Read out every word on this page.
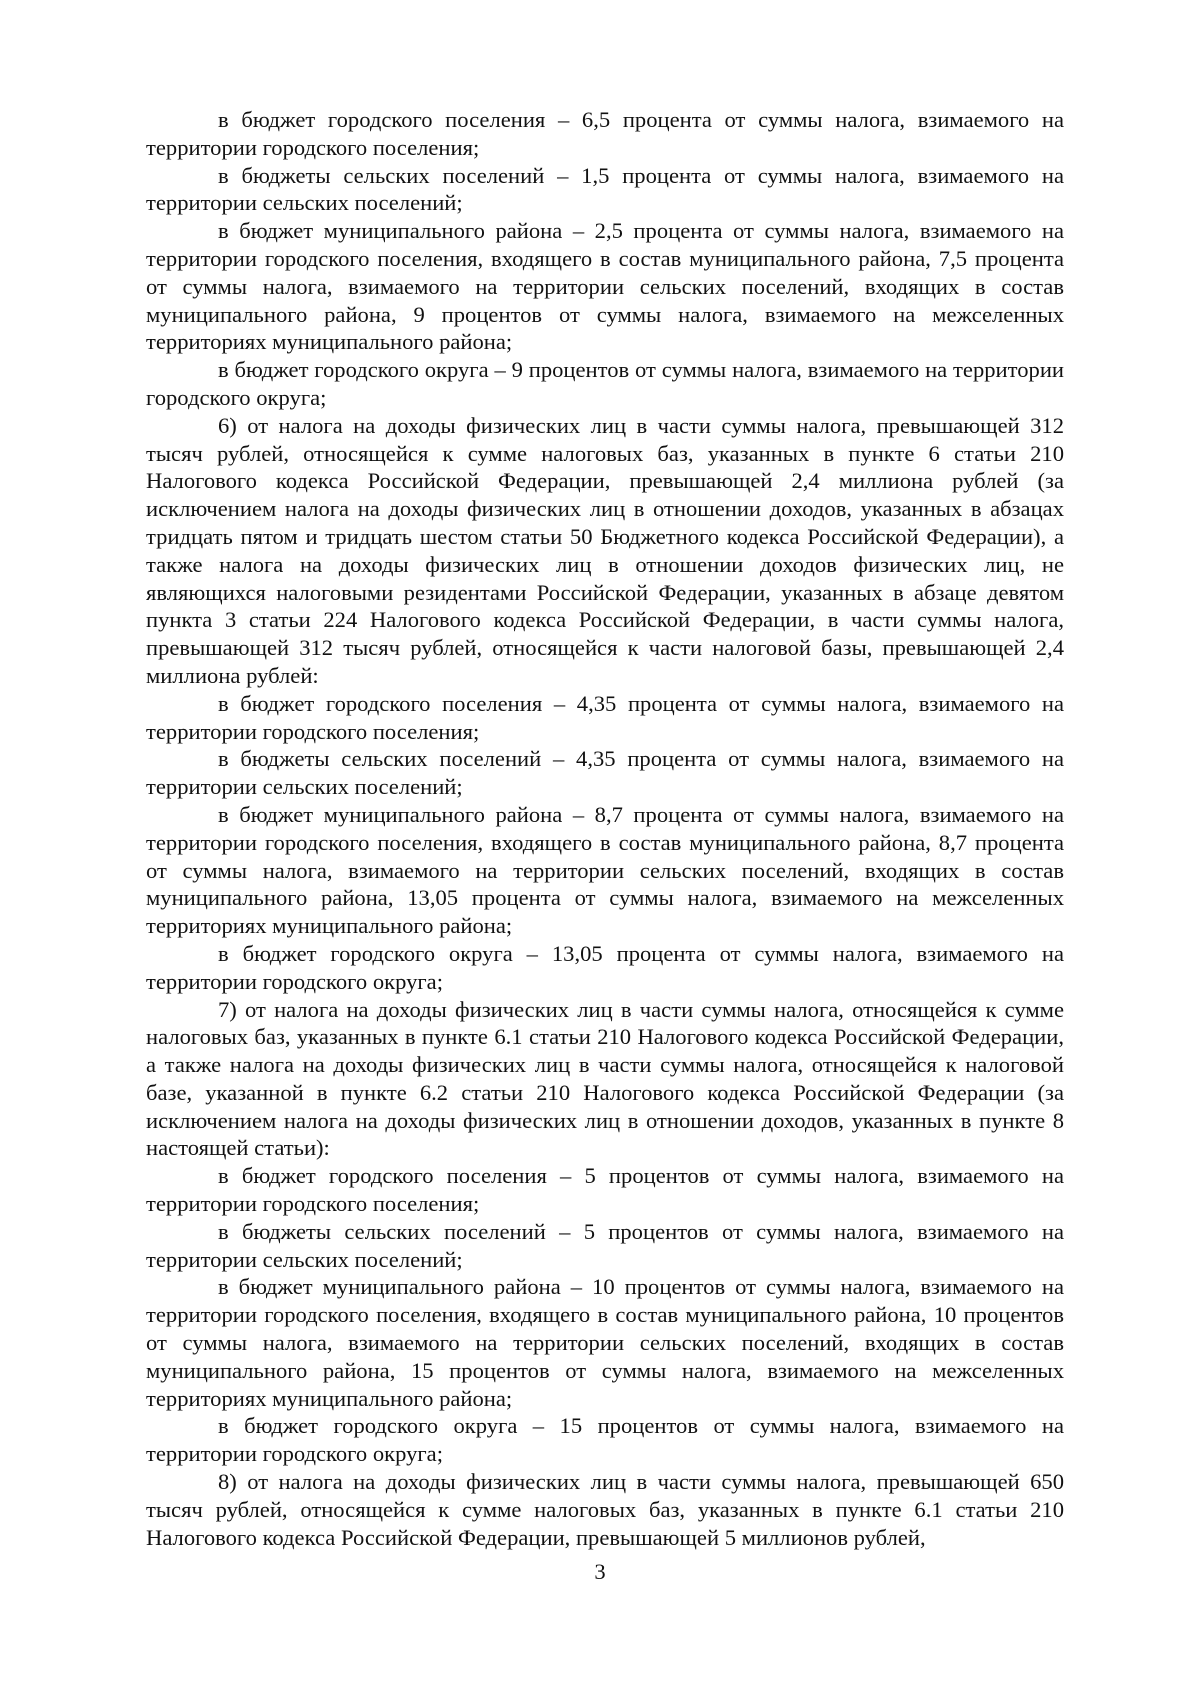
в бюджет городского поселения – 6,5 процента от суммы налога, взимаемого на территории городского поселения;

в бюджеты сельских поселений – 1,5 процента от суммы налога, взимаемого на территории сельских поселений;

в бюджет муниципального района – 2,5 процента от суммы налога, взимаемого на территории городского поселения, входящего в состав муниципального района, 7,5 процента от суммы налога, взимаемого на территории сельских поселений, входящих в состав муниципального района, 9 процентов от суммы налога, взимаемого на межселенных территориях муниципального района;

в бюджет городского округа – 9 процентов от суммы налога, взимаемого на территории городского округа;

6) от налога на доходы физических лиц в части суммы налога, превышающей 312 тысяч рублей, относящейся к сумме налоговых баз, указанных в пункте 6 статьи 210 Налогового кодекса Российской Федерации, превышающей 2,4 миллиона рублей (за исключением налога на доходы физических лиц в отношении доходов, указанных в абзацах тридцать пятом и тридцать шестом статьи 50 Бюджетного кодекса Российской Федерации), а также налога на доходы физических лиц в отношении доходов физических лиц, не являющихся налоговыми резидентами Российской Федерации, указанных в абзаце девятом пункта 3 статьи 224 Налогового кодекса Российской Федерации, в части суммы налога, превышающей 312 тысяч рублей, относящейся к части налоговой базы, превышающей 2,4 миллиона рублей:

в бюджет городского поселения – 4,35 процента от суммы налога, взимаемого на территории городского поселения;

в бюджеты сельских поселений – 4,35 процента от суммы налога, взимаемого на территории сельских поселений;

в бюджет муниципального района – 8,7 процента от суммы налога, взимаемого на территории городского поселения, входящего в состав муниципального района, 8,7 процента от суммы налога, взимаемого на территории сельских поселений, входящих в состав муниципального района, 13,05 процента от суммы налога, взимаемого на межселенных территориях муниципального района;

в бюджет городского округа – 13,05 процента от суммы налога, взимаемого на территории городского округа;

7) от налога на доходы физических лиц в части суммы налога, относящейся к сумме налоговых баз, указанных в пункте 6.1 статьи 210 Налогового кодекса Российской Федерации, а также налога на доходы физических лиц в части суммы налога, относящейся к налоговой базе, указанной в пункте 6.2 статьи 210 Налогового кодекса Российской Федерации (за исключением налога на доходы физических лиц в отношении доходов, указанных в пункте 8 настоящей статьи):

в бюджет городского поселения – 5 процентов от суммы налога, взимаемого на территории городского поселения;

в бюджеты сельских поселений – 5 процентов от суммы налога, взимаемого на территории сельских поселений;

в бюджет муниципального района – 10 процентов от суммы налога, взимаемого на территории городского поселения, входящего в состав муниципального района, 10 процентов от суммы налога, взимаемого на территории сельских поселений, входящих в состав муниципального района, 15 процентов от суммы налога, взимаемого на межселенных территориях муниципального района;

в бюджет городского округа – 15 процентов от суммы налога, взимаемого на территории городского округа;

8) от налога на доходы физических лиц в части суммы налога, превышающей 650 тысяч рублей, относящейся к сумме налоговых баз, указанных в пункте 6.1 статьи 210 Налогового кодекса Российской Федерации, превышающей 5 миллионов рублей,

3
